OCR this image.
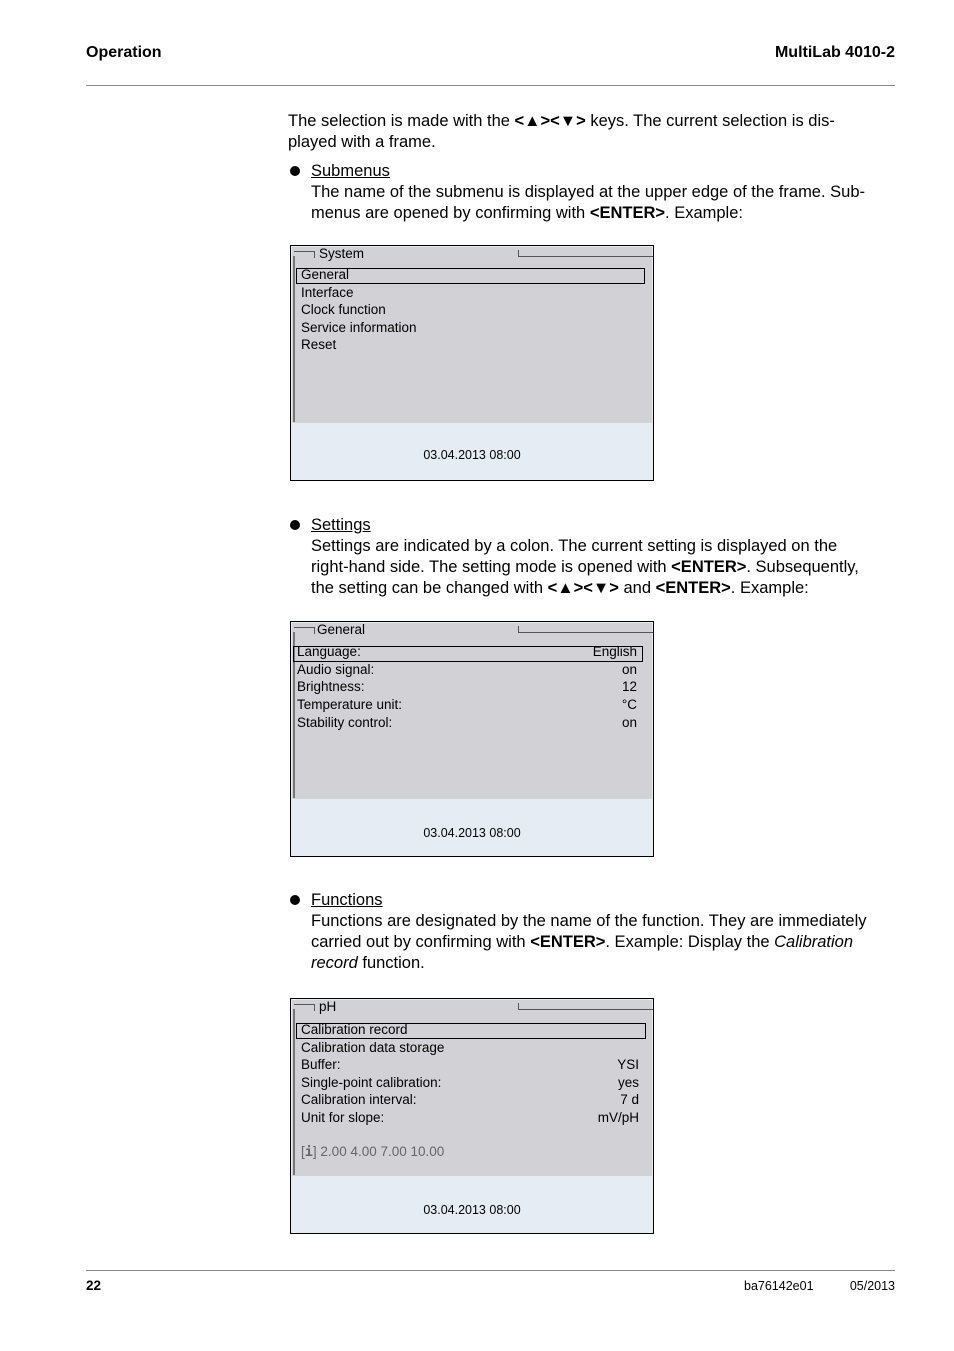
Operation	MultiLab 4010-2
The selection is made with the <▲><▼> keys. The current selection is dis-
played with a frame.
Submenus
The name of the submenu is displayed at the upper edge of the frame. Sub-
menus are opened by confirming with <ENTER>. Example:
System
General
Interface
Clock function
Service information
Reset
03.04.2013 08:00
Settings
Settings are indicated by a colon. The current setting is displayed on the
right-hand side. The setting mode is opened with <ENTER>. Subsequently,
the setting can be changed with <▲><▼> and <ENTER>. Example:
General
Language:	English
Audio signal:	on
Brightness:	12
Temperature unit:	°C
Stability control:	on
03.04.2013 08:00
Functions
Functions are designated by the name of the function. They are immediately
carried out by confirming with <ENTER>. Example: Display the Calibration
record function.
pH
Calibration record
Calibration data storage
Buffer:	YSI
Single-point calibration:	yes
Calibration interval:	7 d
Unit for slope:	mV/pH
[i] 2.00 4.00 7.00 10.00
03.04.2013 08:00
22	ba76142e01	05/2013
